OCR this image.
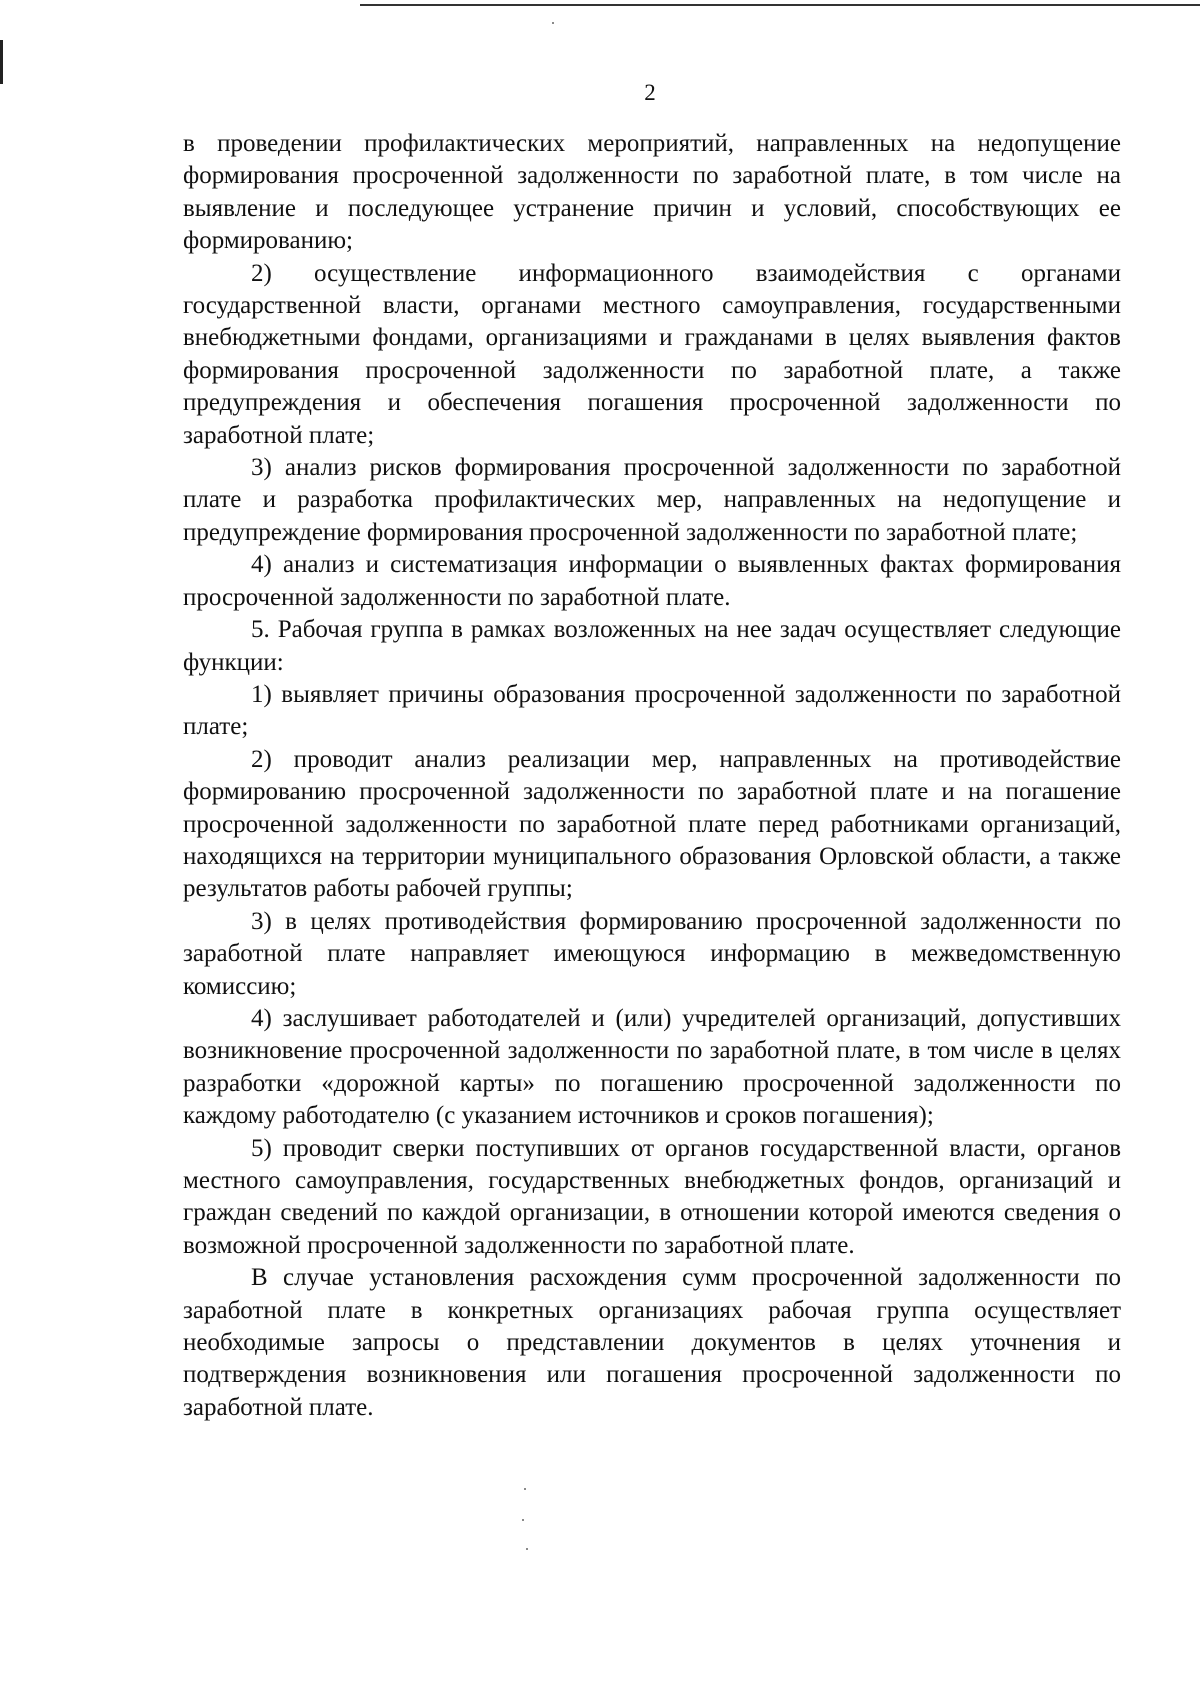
2

в проведении профилактических мероприятий, направленных на недопущение формирования просроченной задолженности по заработной плате, в том числе на выявление и последующее устранение причин и условий, способствующих ее формированию;

2) осуществление информационного взаимодействия с органами государственной власти, органами местного самоуправления, государственными внебюджетными фондами, организациями и гражданами в целях выявления фактов формирования просроченной задолженности по заработной плате, а также предупреждения и обеспечения погашения просроченной задолженности по заработной плате;

3) анализ рисков формирования просроченной задолженности по заработной плате и разработка профилактических мер, направленных на недопущение и предупреждение формирования просроченной задолженности по заработной плате;

4) анализ и систематизация информации о выявленных фактах формирования просроченной задолженности по заработной плате.

5. Рабочая группа в рамках возложенных на нее задач осуществляет следующие функции:

1) выявляет причины образования просроченной задолженности по заработной плате;

2) проводит анализ реализации мер, направленных на противодействие формированию просроченной задолженности по заработной плате и на погашение просроченной задолженности по заработной плате перед работниками организаций, находящихся на территории муниципального образования Орловской области, а также результатов работы рабочей группы;

3) в целях противодействия формированию просроченной задолженности по заработной плате направляет имеющуюся информацию в межведомственную комиссию;

4) заслушивает работодателей и (или) учредителей организаций, допустивших возникновение просроченной задолженности по заработной плате, в том числе в целях разработки «дорожной карты» по погашению просроченной задолженности по каждому работодателю (с указанием источников и сроков погашения);

5) проводит сверки поступивших от органов государственной власти, органов местного самоуправления, государственных внебюджетных фондов, организаций и граждан сведений по каждой организации, в отношении которой имеются сведения о возможной просроченной задолженности по заработной плате.

В случае установления расхождения сумм просроченной задолженности по заработной плате в конкретных организациях рабочая группа осуществляет необходимые запросы о представлении документов в целях уточнения и подтверждения возникновения или погашения просроченной задолженности по заработной плате.
